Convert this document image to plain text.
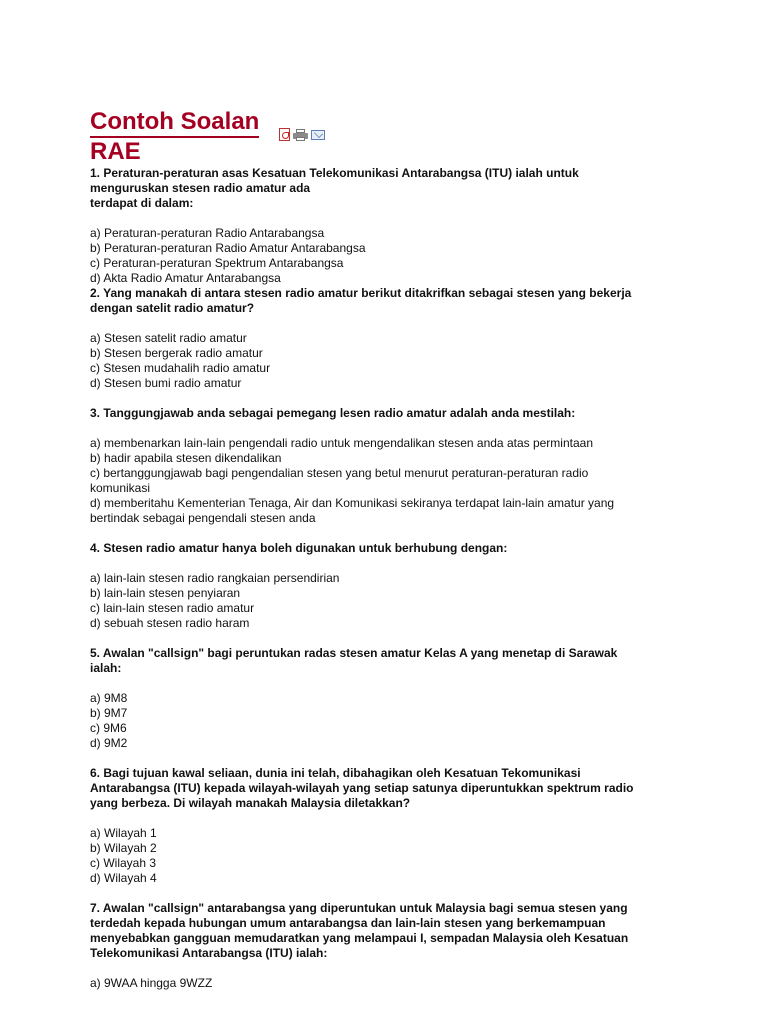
Contoh Soalan
RAE

1. Peraturan-peraturan asas Kesatuan Telekomunikasi Antarabangsa (ITU) ialah untuk

menguruskan stesen radio amatur ada

terdapat di dalam:

a) Peraturan-peraturan Radio Antarabangsa

b) Peraturan-peraturan Radio Amatur Antarabangsa

c) Peraturan-peraturan Spektrum Antarabangsa

d) Akta Radio Amatur Antarabangsa

2. Yang manakah di antara stesen radio amatur berikut ditakrifkan sebagai stesen yang bekerja

dengan satelit radio amatur?

a) Stesen satelit radio amatur

b) Stesen bergerak radio amatur

c) Stesen mudahalih radio amatur

d) Stesen bumi radio amatur

3. Tanggungjawab anda sebagai pemegang lesen radio amatur adalah anda mestilah:

a) membenarkan lain-lain pengendali radio untuk mengendalikan stesen anda atas permintaan

b) hadir apabila stesen dikendalikan

c) bertanggungjawab bagi pengendalian stesen yang betul menurut peraturan-peraturan radio

komunikasi

d) memberitahu Kementerian Tenaga, Air dan Komunikasi sekiranya terdapat lain-lain amatur yang

bertindak sebagai pengendali stesen anda

4. Stesen radio amatur hanya boleh digunakan untuk berhubung dengan:

a) lain-lain stesen radio rangkaian persendirian

b) lain-lain stesen penyiaran

c) lain-lain stesen radio amatur

d) sebuah stesen radio haram

5. Awalan "callsign" bagi peruntukan radas stesen amatur Kelas A yang menetap di Sarawak

ialah:

a) 9M8

b) 9M7

c) 9M6

d) 9M2

6. Bagi tujuan kawal seliaan, dunia ini telah, dibahagikan oleh Kesatuan Tekomunikasi

Antarabangsa (ITU) kepada wilayah-wilayah yang setiap satunya diperuntukkan spektrum radio

yang berbeza. Di wilayah manakah Malaysia diletakkan?

a) Wilayah 1

b) Wilayah 2

c) Wilayah 3

d) Wilayah 4

7. Awalan "callsign" antarabangsa yang diperuntukan untuk Malaysia bagi semua stesen yang

terdedah kepada hubungan umum antarabangsa dan lain-lain stesen yang berkemampuan

menyebabkan gangguan memudaratkan yang melampaui I, sempadan Malaysia oleh Kesatuan

Telekomunikasi Antarabangsa (ITU) ialah:

a) 9WAA hingga 9WZZ
